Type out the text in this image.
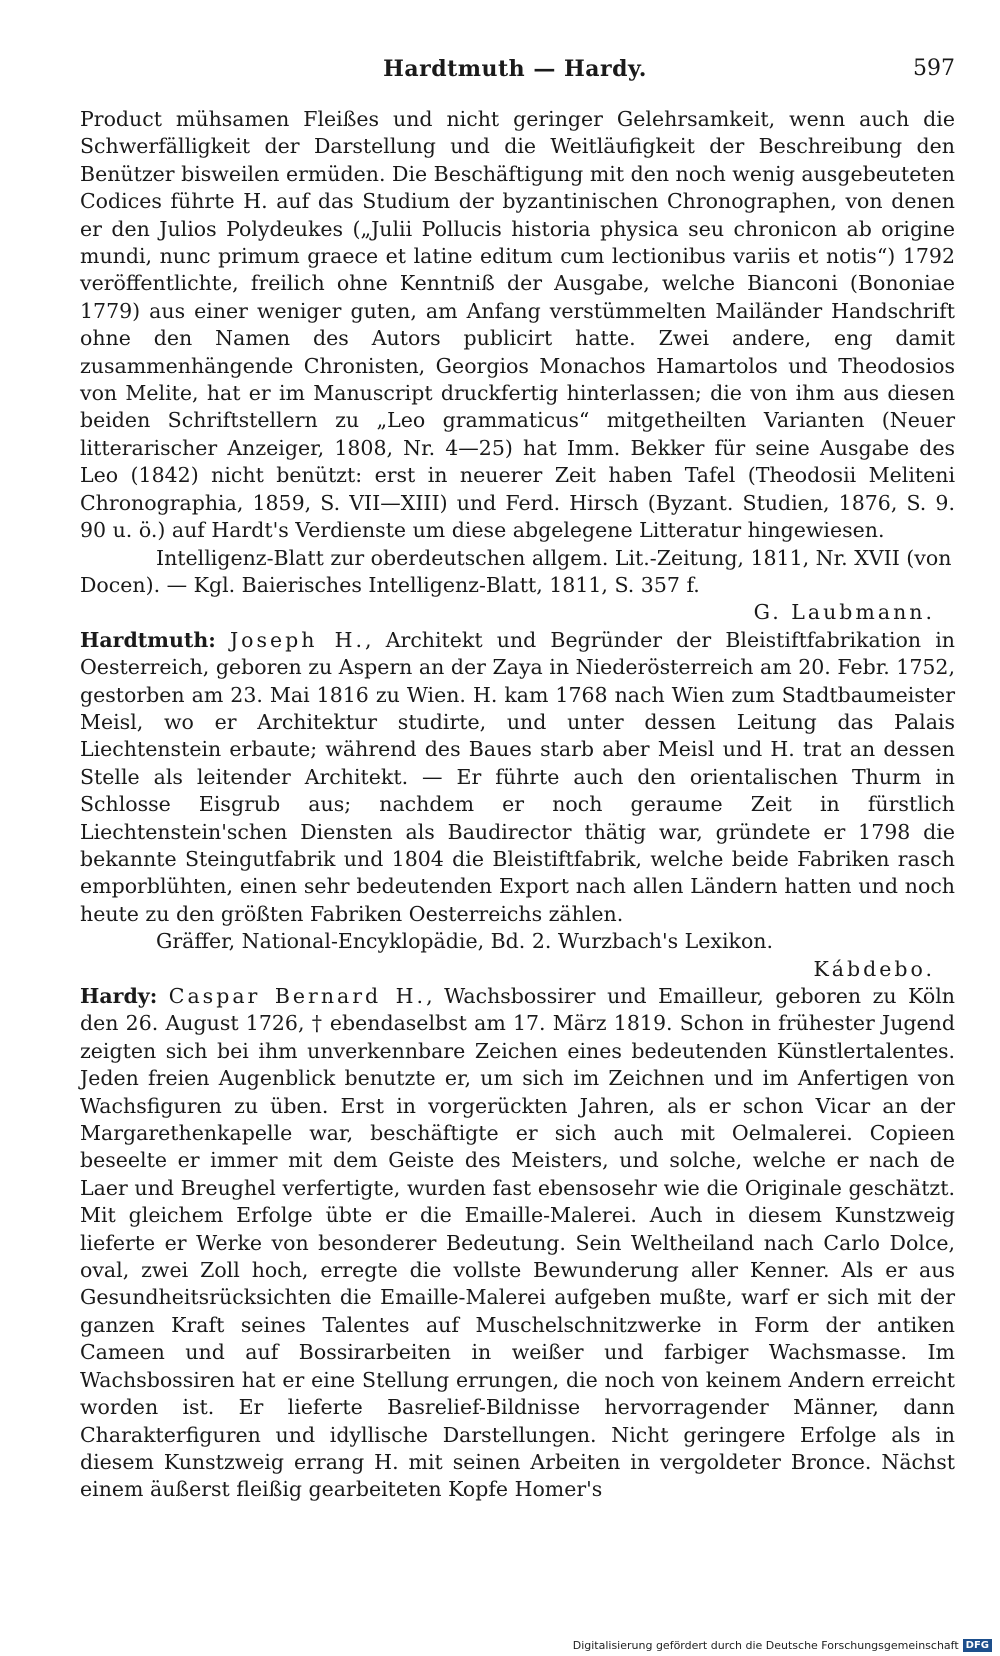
Hardtmuth — Hardy.	597

Product mühsamen Fleißes und nicht geringer Gelehrsamkeit, wenn auch die Schwerfälligkeit der Darstellung und die Weitläufigkeit der Beschreibung den Benützer bisweilen ermüden. Die Beschäftigung mit den noch wenig ausgebeuteten Codices führte H. auf das Studium der byzantinischen Chronographen, von denen er den Julios Polydeukes („Julii Pollucis historia physica seu chronicon ab origine mundi, nunc primum graece et latine editum cum lectionibus variis et notis“) 1792 veröffentlichte, freilich ohne Kenntniß der Ausgabe, welche Bianconi (Bononiae 1779) aus einer weniger guten, am Anfang verstümmelten Mailänder Handschrift ohne den Namen des Autors publicirt hatte. Zwei andere, eng damit zusammenhängende Chronisten, Georgios Monachos Hamartolos und Theodosios von Melite, hat er im Manuscript druckfertig hinterlassen; die von ihm aus diesen beiden Schriftstellern zu „Leo grammaticus“ mitgetheilten Varianten (Neuer litterarischer Anzeiger, 1808, Nr. 4—25) hat Imm. Bekker für seine Ausgabe des Leo (1842) nicht benützt: erst in neuerer Zeit haben Tafel (Theodosii Meliteni Chronographia, 1859, S. VII—XIII) und Ferd. Hirsch (Byzant. Studien, 1876, S. 9. 90 u. ö.) auf Hardt's Verdienste um diese abgelegene Litteratur hingewiesen.

Intelligenz-Blatt zur oberdeutschen allgem. Lit.-Zeitung, 1811, Nr. XVII (von Docen). — Kgl. Baierisches Intelligenz-Blatt, 1811, S. 357 f.

G. Laubmann.

Hardtmuth: Joseph H., Architekt und Begründer der Bleistiftfabrikation in Oesterreich, geboren zu Aspern an der Zaya in Niederösterreich am 20. Febr. 1752, gestorben am 23. Mai 1816 zu Wien. H. kam 1768 nach Wien zum Stadtbaumeister Meisl, wo er Architektur studirte, und unter dessen Leitung das Palais Liechtenstein erbaute; während des Baues starb aber Meisl und H. trat an dessen Stelle als leitender Architekt. — Er führte auch den orientalischen Thurm in Schlosse Eisgrub aus; nachdem er noch geraume Zeit in fürstlich Liechtenstein'schen Diensten als Baudirector thätig war, gründete er 1798 die bekannte Steingutfabrik und 1804 die Bleistiftfabrik, welche beide Fabriken rasch emporblühten, einen sehr bedeutenden Export nach allen Ländern hatten und noch heute zu den größten Fabriken Oesterreichs zählen.

Gräffer, National-Encyklopädie, Bd. 2. Wurzbach's Lexikon.

Kábdebo.

Hardy: Caspar Bernard H., Wachsbossirer und Emailleur, geboren zu Köln den 26. August 1726, † ebendaselbst am 17. März 1819. Schon in frühester Jugend zeigten sich bei ihm unverkennbare Zeichen eines bedeutenden Künstlertalentes. Jeden freien Augenblick benutzte er, um sich im Zeichnen und im Anfertigen von Wachsfiguren zu üben. Erst in vorgerückten Jahren, als er schon Vicar an der Margarethenkapelle war, beschäftigte er sich auch mit Oelmalerei. Copieen beseelte er immer mit dem Geiste des Meisters, und solche, welche er nach de Laer und Breughel verfertigte, wurden fast ebensosehr wie die Originale geschätzt. Mit gleichem Erfolge übte er die Emaille-Malerei. Auch in diesem Kunstzweig lieferte er Werke von besonderer Bedeutung. Sein Weltheiland nach Carlo Dolce, oval, zwei Zoll hoch, erregte die vollste Bewunderung aller Kenner. Als er aus Gesundheitsrücksichten die Emaille-Malerei aufgeben mußte, warf er sich mit der ganzen Kraft seines Talentes auf Muschelschnitzwerke in Form der antiken Cameen und auf Bossirarbeiten in weißer und farbiger Wachsmasse. Im Wachsbossiren hat er eine Stellung errungen, die noch von keinem Andern erreicht worden ist. Er lieferte Basrelief-Bildnisse hervorragender Männer, dann Charakterfiguren und idyllische Darstellungen. Nicht geringere Erfolge als in diesem Kunstzweig errang H. mit seinen Arbeiten in vergoldeter Bronce. Nächst einem äußerst fleißig gearbeiteten Kopfe Homer's

Digitalisierung gefördert durch die Deutsche Forschungsgemeinschaft DFG
